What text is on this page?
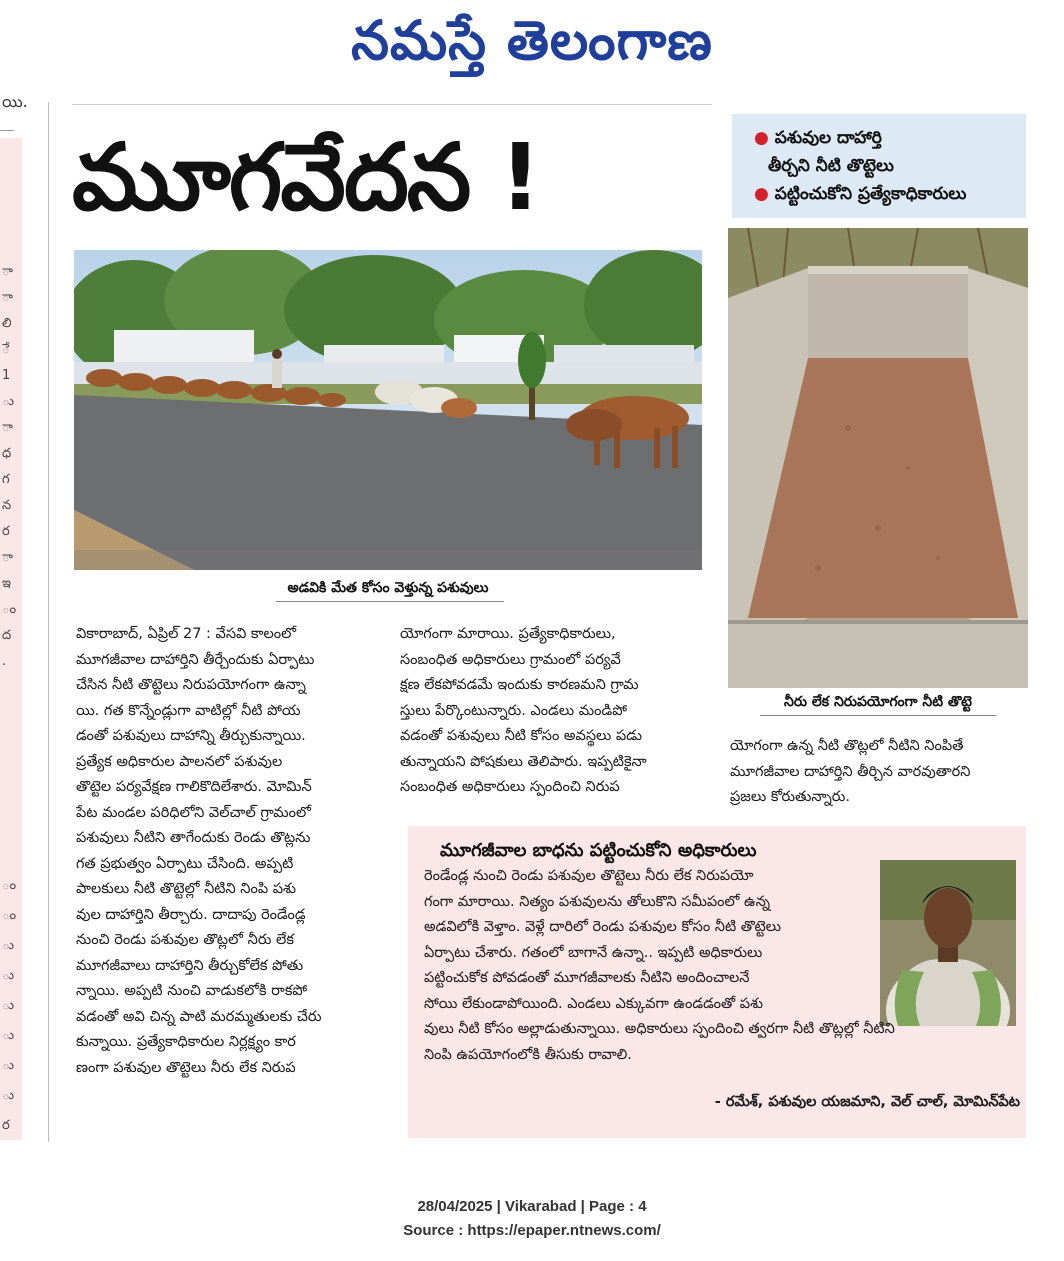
నమస్తే తెలంగాణ
యి.
ా
ా
లి
ే
1
ు
ా
ధ
గ
న
ర
ా
ఇ
ం
ద
.
ం
ం
ు
ు
ు
ు
ు
ు
ర
మూగవేదన !	● పశువుల దాహార్తి
తీర్చని నీటి తొట్టెలు
● పట్టించుకోని ప్రత్యేకాధికారులు
అడవికి మేత కోసం వెళ్తున్న పశువులు
నీరు లేక నిరుపయోగంగా నీటి తొట్టె

వికారాబాద్, ఏప్రిల్ 27 : వేసవి కాలంలో

మూగజీవాల దాహార్తిని తీర్చేందుకు ఏర్పాటు

చేసిన నీటి తొట్టెలు నిరుపయోగంగా ఉన్నా

యి. గత కొన్నేండ్లుగా వాటిల్లో నీటి పోయ

డంతో పశువులు దాహాన్ని తీర్చుకున్నాయి.

ప్రత్యేక అధికారుల పాలనలో పశువుల

తొట్టెల పర్యవేక్షణ గాలికొదిలేశారు. మోమిన్

పేట మండల పరిధిలోని వెల్‌చాల్ గ్రామంలో

పశువులు నీటిని తాగేందుకు రెండు తొట్లను

గత ప్రభుత్వం ఏర్పాటు చేసింది. అప్పటి

పాలకులు నీటి తొట్టెల్లో నీటిని నింపి పశు

వుల దాహార్తిని తీర్చారు. దాదాపు రెండేండ్ల

నుంచి రెండు పశువుల తొట్లలో నీరు లేక

మూగజీవాలు దాహార్తిని తీర్చుకోలేక పోతు

న్నాయి. అప్పటి నుంచి వాడుకలోకి రాకపో

వడంతో అవి చిన్న పాటి మరమ్మతులకు చేరు

కున్నాయి. ప్రత్యేకాధికారుల నిర్లక్ష్యం కార

ణంగా పశువుల తొట్టెలు నీరు లేక నిరుప

యోగంగా మారాయి. ప్రత్యేకాధికారులు,

సంబంధిత అధికారులు గ్రామంలో పర్యవే

క్షణ లేకపోవడమే ఇందుకు కారణమని గ్రామ

స్తులు పేర్కొంటున్నారు. ఎండలు మండిపో

వడంతో పశువులు నీటి కోసం అవస్థలు పడు

తున్నాయని పోషకులు తెలిపారు. ఇప్పటికైనా

సంబంధిత అధికారులు స్పందించి నిరుప

యోగంగా ఉన్న నీటి తొట్లలో నీటిని నింపితే

మూగజీవాల దాహార్తిని తీర్చిన వారవుతారని

ప్రజలు కోరుతున్నారు.

మూగజీవాల బాధను పట్టించుకోని అధికారులు
రెండేండ్ల నుంచి రెండు పశువుల తొట్టెలు నీరు లేక నిరుపయో
గంగా మారాయి. నిత్యం పశువులను తోలుకొని సమీపంలో ఉన్న
అడవిలోకి వెళ్తాం. వెళ్లే దారిలో రెండు పశువుల కోసం నీటి తొట్టెలు
ఏర్పాటు చేశారు. గతంలో బాగానే ఉన్నా.. ఇప్పటి అధికారులు
పట్టించుకోక పోవడంతో మూగజీవాలకు నీటిని అందించాలనే
సోయి లేకుండాపోయింది. ఎండలు ఎక్కువగా ఉండడంతో పశు
వులు నీటి కోసం అల్లాడుతున్నాయి. అధికారులు స్పందించి త్వరగా నీటి తొట్లల్లో నీటిని
నింపి ఉపయోగంలోకి తీసుకు రావాలి.
- రమేశ్, పశువుల యజమాని, వెల్ చాల్, మోమిన్‌పేట
28/04/2025 | Vikarabad | Page : 4
Source : https://epaper.ntnews.com/
